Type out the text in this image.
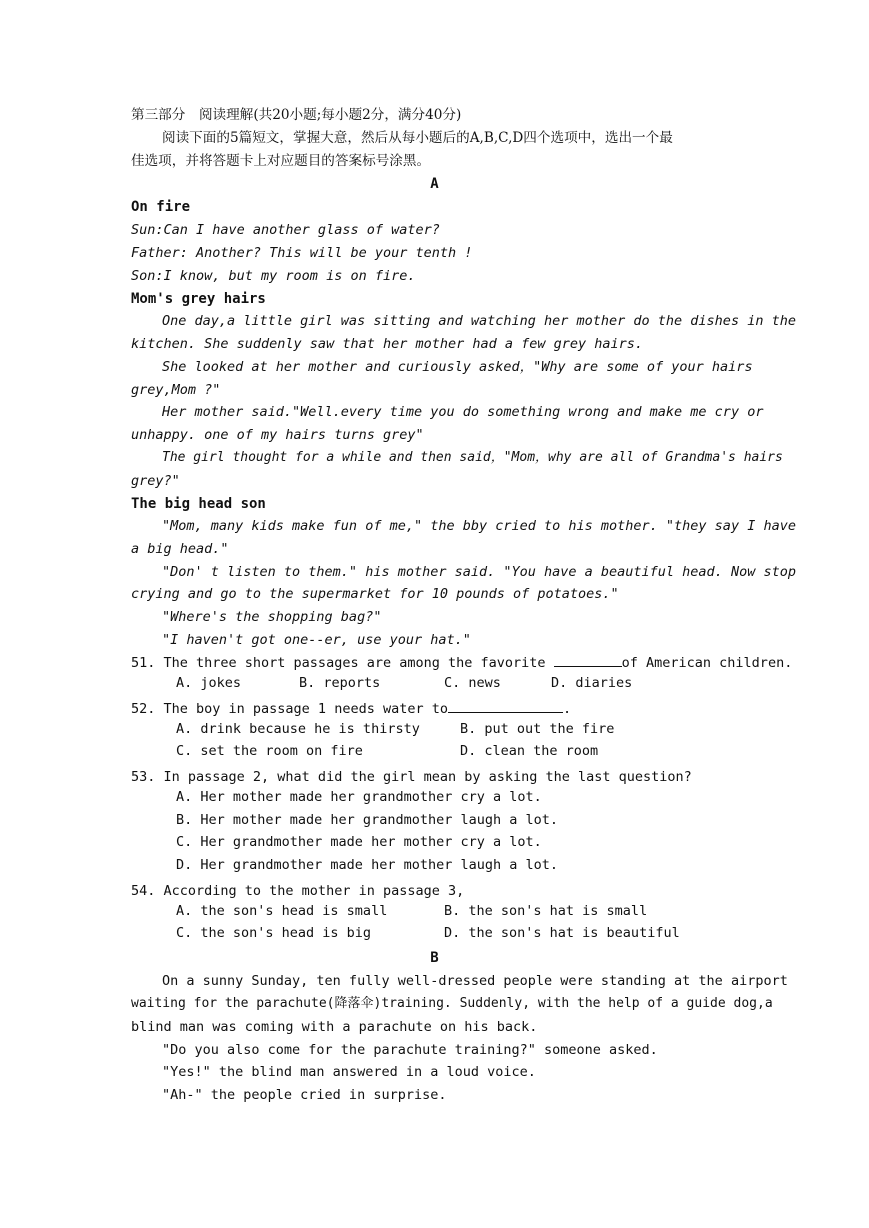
第三部分　阅读理解(共20小题;每小题2分，满分40分)
阅读下面的5篇短文，掌握大意，然后从每小题后的A,B,C,D四个选项中，选出一个最
佳选项，并将答题卡上对应题目的答案标号涂黑。
A
On fire
Sun:Can I have another glass of water?
Father: Another? This will be your tenth !
Son:I know, but my room is on fire.
Mom's grey hairs
One day,a little girl was sitting and watching her mother do the dishes in the
kitchen. She suddenly saw that her mother had a few grey hairs.
She looked at her mother and curiously asked，"Why are some of your hairs
grey,Mom ?"
Her mother said."Well.every time you do something wrong and make me cry or
unhappy. one of my hairs turns grey"
The girl thought for a while and then said，"Mom，why are all of Grandma's hairs
grey?"
The big head son
"Mom, many kids make fun of me," the bby cried to his mother. "they say I have
a big head."
"Don' t listen to them." his mother said. "You have a beautiful head. Now stop
crying and go to the supermarket for 10 pounds of potatoes."
"Where's the shopping bag?"
"I haven't got one--er, use your hat."
51. The three short passages are among the favorite	of American children.
A. jokes	B. reports	C. news	D. diaries
52. The boy in passage 1 needs water to	.
A. drink because he is thirsty	B. put out the fire
C. set the room on fire	D. clean the room
53. In passage 2, what did the girl mean by asking the last question?
A. Her mother made her grandmother cry a lot.
B. Her mother made her grandmother laugh a lot.
C. Her grandmother made her mother cry a lot.
D. Her grandmother made her mother laugh a lot.
54. According to the mother in passage 3,
A. the son's head is small	B. the son's hat is small
C. the son's head is big	D. the son's hat is beautiful
B
On a sunny Sunday, ten fully well-dressed people were standing at the airport
waiting for the parachute(降落伞)training. Suddenly, with the help of a guide dog,a
blind man was coming with a parachute on his back.
"Do you also come for the parachute training?" someone asked.
"Yes!" the blind man answered in a loud voice.
"Ah-" the people cried in surprise.
